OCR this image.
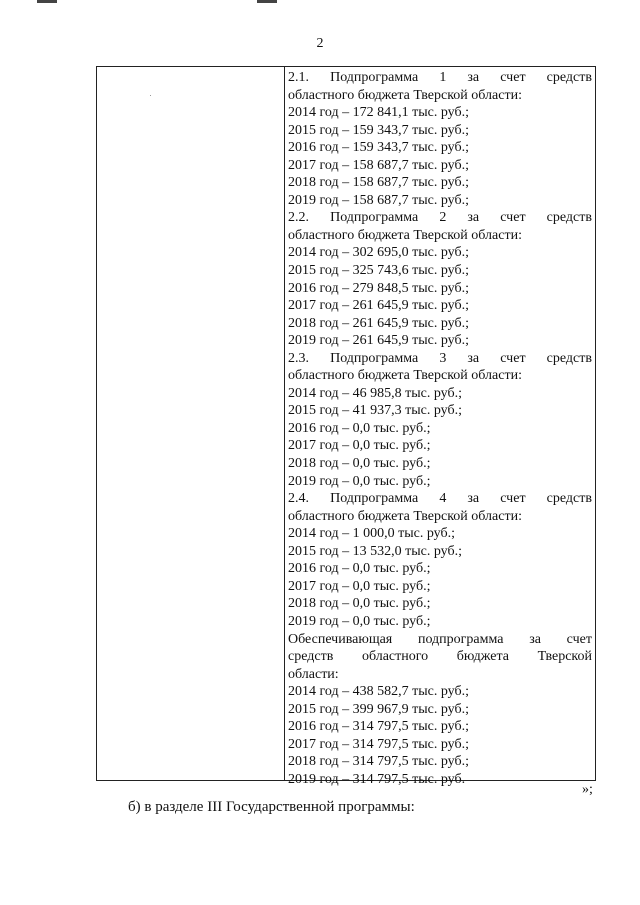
2
2.1. Подпрограмма 1 за счет средств
областного бюджета Тверской области:
2014 год – 172 841,1 тыс. руб.;
2015 год – 159 343,7 тыс. руб.;
2016 год – 159 343,7 тыс. руб.;
2017 год – 158 687,7 тыс. руб.;
2018 год – 158 687,7 тыс. руб.;
2019 год – 158 687,7 тыс. руб.;
2.2. Подпрограмма 2 за счет средств
областного бюджета Тверской области:
2014 год – 302 695,0 тыс. руб.;
2015 год – 325 743,6 тыс. руб.;
2016 год – 279 848,5 тыс. руб.;
2017 год – 261 645,9 тыс. руб.;
2018 год – 261 645,9 тыс. руб.;
2019 год – 261 645,9 тыс. руб.;
2.3. Подпрограмма 3 за счет средств
областного бюджета Тверской области:
2014 год – 46 985,8 тыс. руб.;
2015 год – 41 937,3 тыс. руб.;
2016 год – 0,0 тыс. руб.;
2017 год – 0,0 тыс. руб.;
2018 год – 0,0 тыс. руб.;
2019 год – 0,0 тыс. руб.;
2.4. Подпрограмма 4 за счет средств
областного бюджета Тверской области:
2014 год – 1 000,0 тыс. руб.;
2015 год – 13 532,0 тыс. руб.;
2016 год – 0,0 тыс. руб.;
2017 год – 0,0 тыс. руб.;
2018 год – 0,0 тыс. руб.;
2019 год – 0,0 тыс. руб.;
Обеспечивающая подпрограмма за счет
средств областного бюджета Тверской
области:
2014 год – 438 582,7 тыс. руб.;
2015 год – 399 967,9 тыс. руб.;
2016 год – 314 797,5 тыс. руб.;
2017 год – 314 797,5 тыс. руб.;
2018 год – 314 797,5 тыс. руб.;
2019 год – 314 797,5 тыс. руб.
»;
б) в разделе III Государственной программы:
